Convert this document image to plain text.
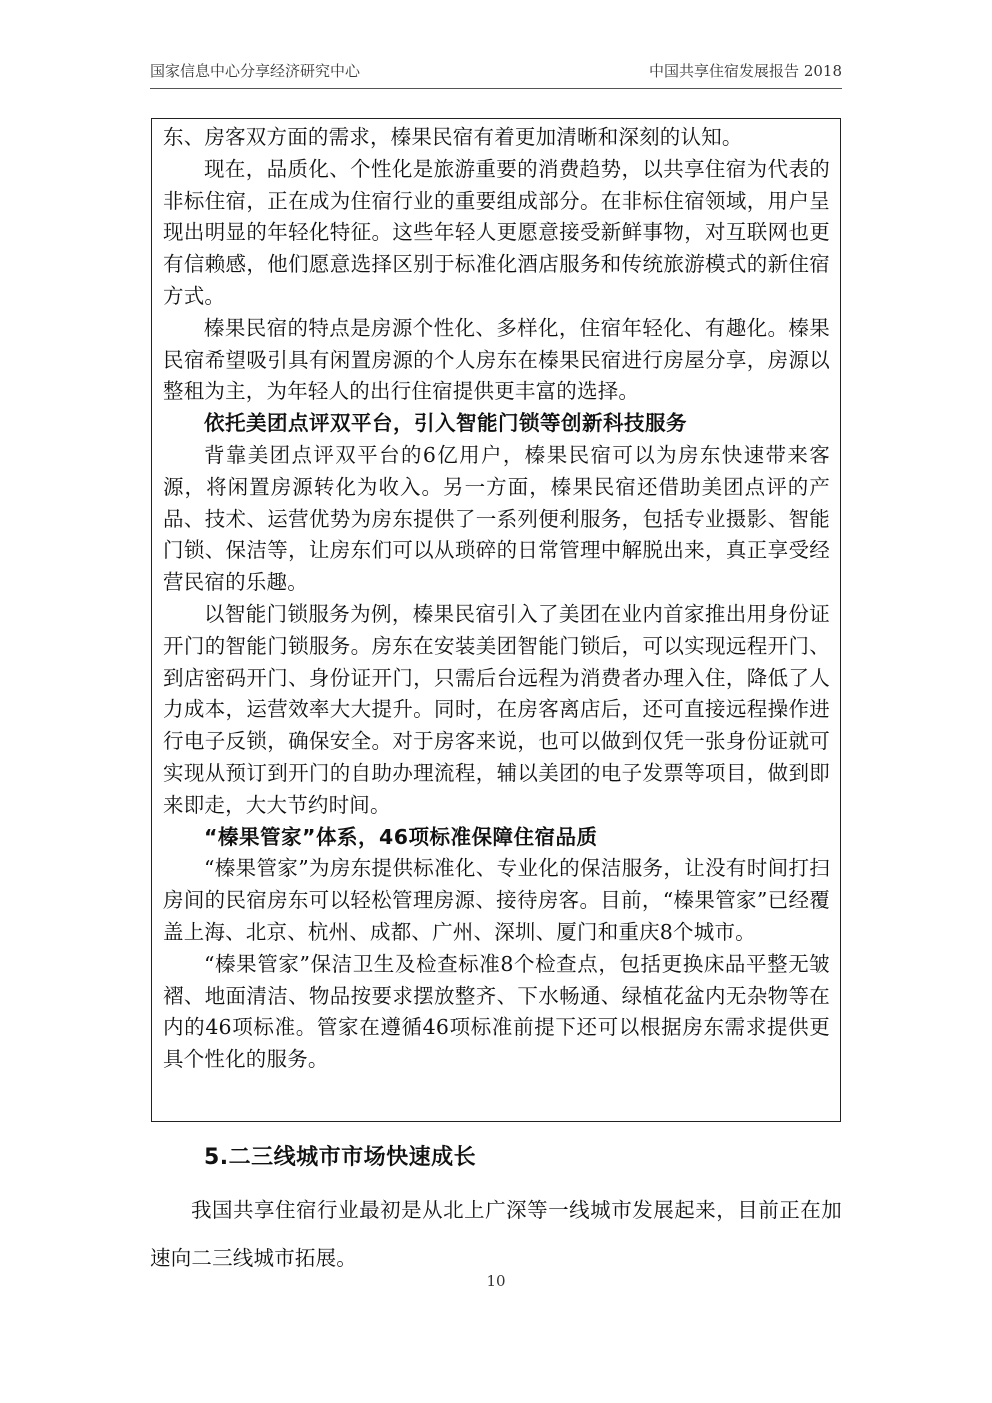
国家信息中心分享经济研究中心	中国共享住宿发展报告 2018

东、房客双方面的需求，榛果民宿有着更加清晰和深刻的认知。

现在，品质化、个性化是旅游重要的消费趋势，以共享住宿为代表的非标住宿，正在成为住宿行业的重要组成部分。在非标住宿领域，用户呈现出明显的年轻化特征。这些年轻人更愿意接受新鲜事物，对互联网也更有信赖感，他们愿意选择区别于标准化酒店服务和传统旅游模式的新住宿方式。

榛果民宿的特点是房源个性化、多样化，住宿年轻化、有趣化。榛果民宿希望吸引具有闲置房源的个人房东在榛果民宿进行房屋分享，房源以整租为主，为年轻人的出行住宿提供更丰富的选择。

依托美团点评双平台，引入智能门锁等创新科技服务

背靠美团点评双平台的6亿用户，榛果民宿可以为房东快速带来客源，将闲置房源转化为收入。另一方面，榛果民宿还借助美团点评的产品、技术、运营优势为房东提供了一系列便利服务，包括专业摄影、智能门锁、保洁等，让房东们可以从琐碎的日常管理中解脱出来，真正享受经营民宿的乐趣。

以智能门锁服务为例，榛果民宿引入了美团在业内首家推出用身份证开门的智能门锁服务。房东在安装美团智能门锁后，可以实现远程开门、到店密码开门、身份证开门，只需后台远程为消费者办理入住，降低了人力成本，运营效率大大提升。同时，在房客离店后，还可直接远程操作进行电子反锁，确保安全。对于房客来说，也可以做到仅凭一张身份证就可实现从预订到开门的自助办理流程，辅以美团的电子发票等项目，做到即来即走，大大节约时间。

“榛果管家”体系，46项标准保障住宿品质

“榛果管家”为房东提供标准化、专业化的保洁服务，让没有时间打扫房间的民宿房东可以轻松管理房源、接待房客。目前，“榛果管家”已经覆盖上海、北京、杭州、成都、广州、深圳、厦门和重庆8个城市。

“榛果管家”保洁卫生及检查标准8个检查点，包括更换床品平整无皱褶、地面清洁、物品按要求摆放整齐、下水畅通、绿植花盆内无杂物等在内的46项标准。管家在遵循46项标准前提下还可以根据房东需求提供更具个性化的服务。

5.二三线城市市场快速成长

我国共享住宿行业最初是从北上广深等一线城市发展起来，目前正在加速向二三线城市拓展。

10
